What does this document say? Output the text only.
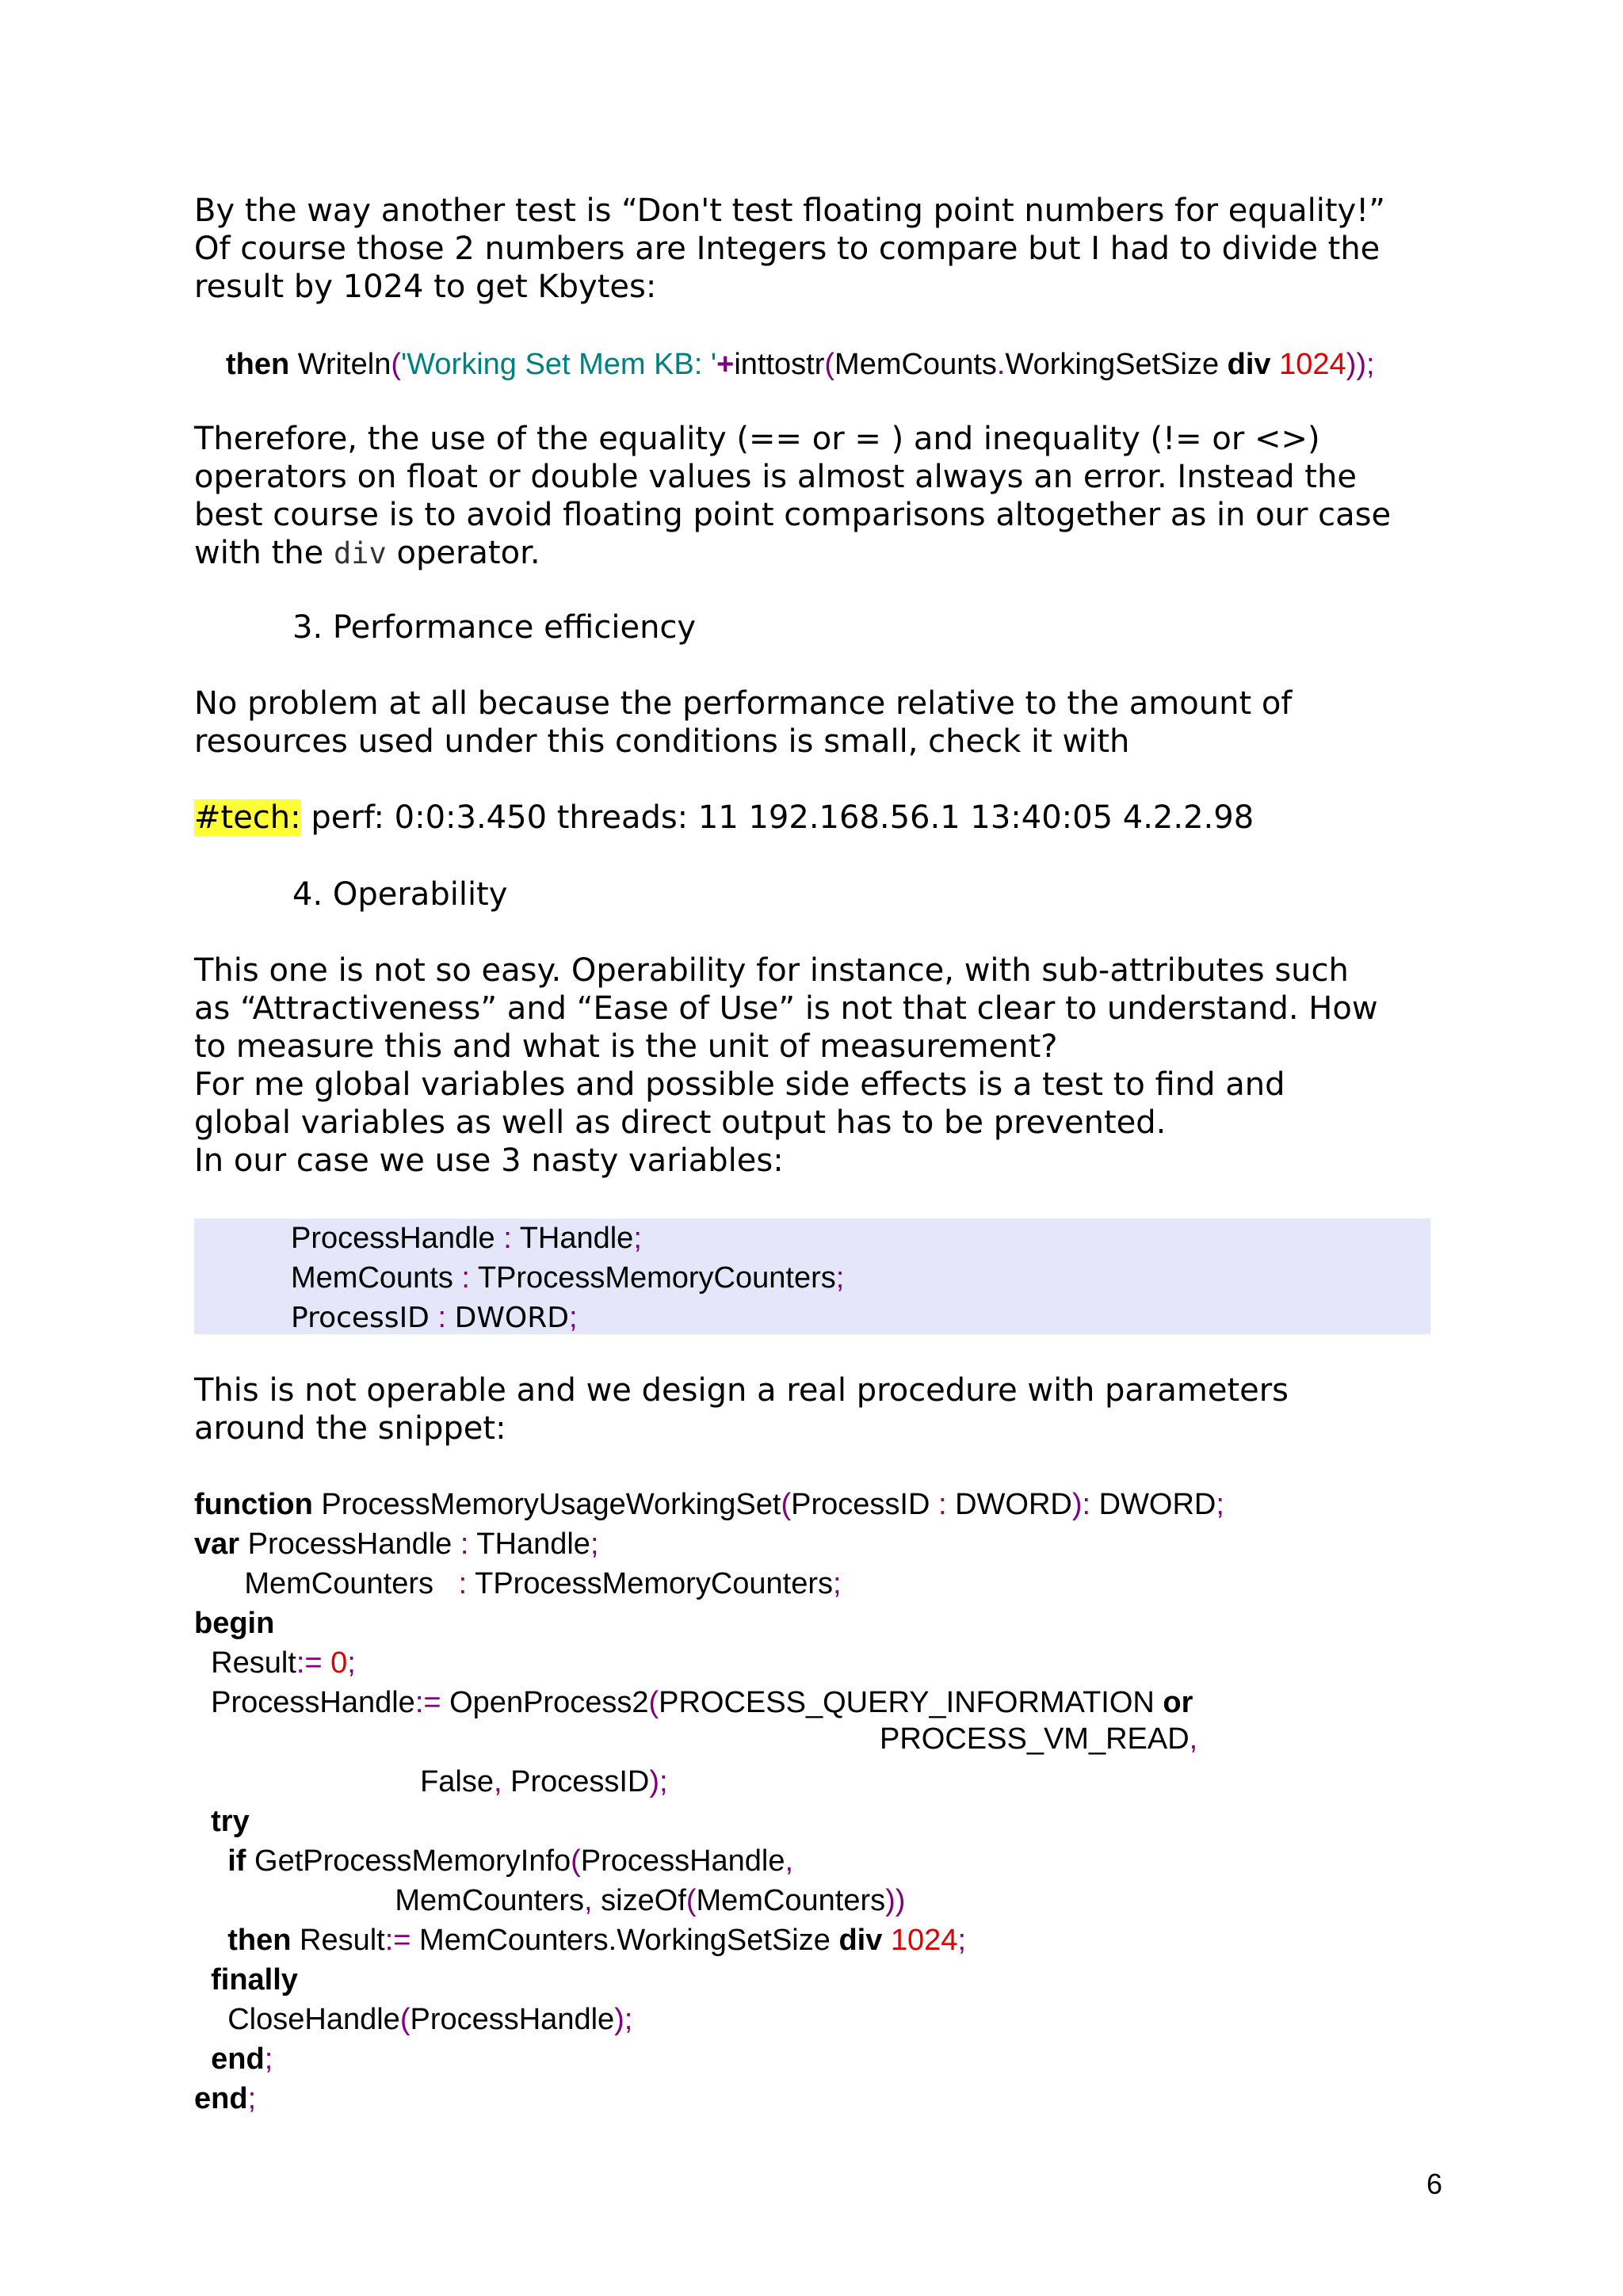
By the way another test is “Don't test floating point numbers for equality!”
Of course those 2 numbers are Integers to compare but I had to divide the
result by 1024 to get Kbytes:

then Writeln('Working Set Mem KB: '+inttostr(MemCounts.WorkingSetSize div 1024));

Therefore, the use of the equality (== or = ) and inequality (!= or <>)
operators on float or double values is almost always an error. Instead the
best course is to avoid floating point comparisons altogether as in our case
with the div operator.

3. Performance efficiency

No problem at all because the performance relative to the amount of
resources used under this conditions is small, check it with

#tech: perf: 0:0:3.450 threads: 11 192.168.56.1 13:40:05 4.2.2.98

4. Operability

This one is not so easy. Operability for instance, with sub-attributes such
as “Attractiveness” and “Ease of Use” is not that clear to understand. How
to measure this and what is the unit of measurement?
For me global variables and possible side effects is a test to find and
global variables as well as direct output has to be prevented.
In our case we use 3 nasty variables:

ProcessHandle : THandle;
MemCounts : TProcessMemoryCounters;
ProcessID : DWORD;

This is not operable and we design a real procedure with parameters
around the snippet:

function ProcessMemoryUsageWorkingSet(ProcessID : DWORD): DWORD;
var ProcessHandle : THandle;
MemCounters   : TProcessMemoryCounters;
begin
Result:= 0;
ProcessHandle:= OpenProcess2(PROCESS_QUERY_INFORMATION or

PROCESS_VM_READ,

False, ProcessID);
try
if GetProcessMemoryInfo(ProcessHandle,
MemCounters, sizeOf(MemCounters))
then Result:= MemCounters.WorkingSetSize div 1024;
finally
CloseHandle(ProcessHandle);
end;
end;

6
